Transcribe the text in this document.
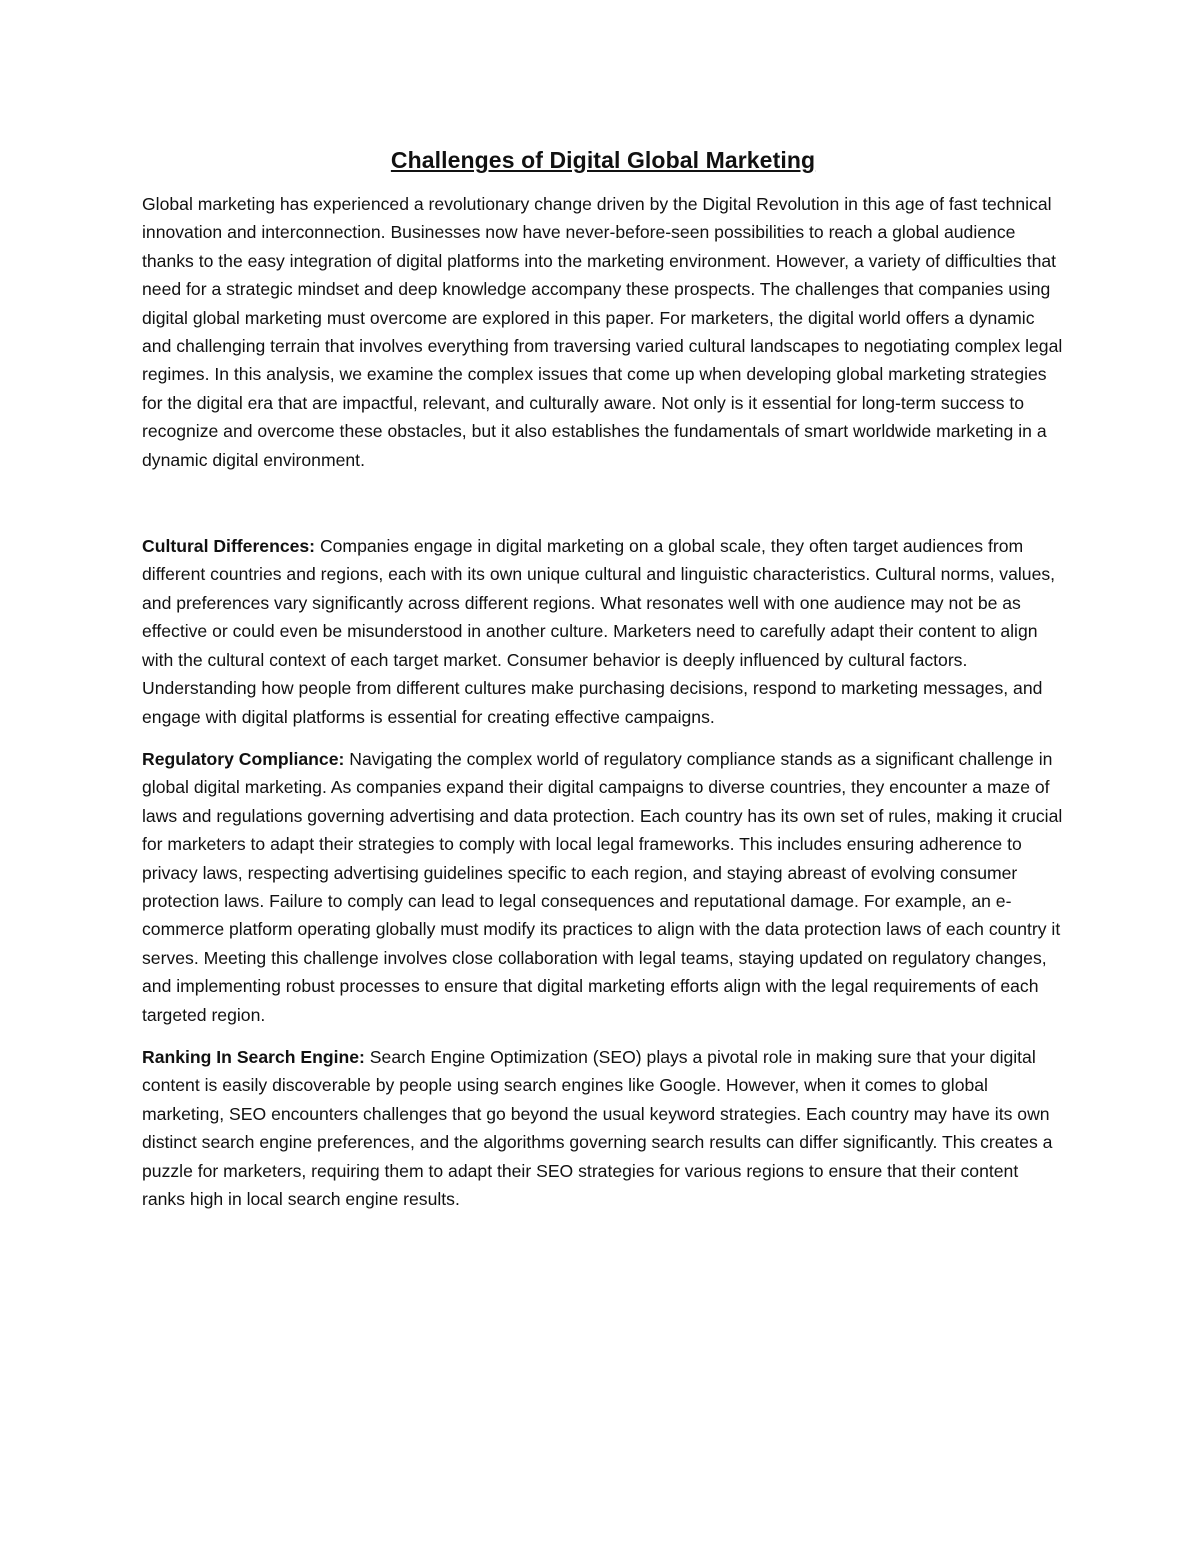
Challenges of Digital Global Marketing

Global marketing has experienced a revolutionary change driven by the Digital Revolution in this age of fast technical innovation and interconnection. Businesses now have never-before-seen possibilities to reach a global audience thanks to the easy integration of digital platforms into the marketing environment. However, a variety of difficulties that need for a strategic mindset and deep knowledge accompany these prospects. The challenges that companies using digital global marketing must overcome are explored in this paper. For marketers, the digital world offers a dynamic and challenging terrain that involves everything from traversing varied cultural landscapes to negotiating complex legal regimes. In this analysis, we examine the complex issues that come up when developing global marketing strategies for the digital era that are impactful, relevant, and culturally aware. Not only is it essential for long-term success to recognize and overcome these obstacles, but it also establishes the fundamentals of smart worldwide marketing in a dynamic digital environment.

Cultural Differences: Companies engage in digital marketing on a global scale, they often target audiences from different countries and regions, each with its own unique cultural and linguistic characteristics. Cultural norms, values, and preferences vary significantly across different regions. What resonates well with one audience may not be as effective or could even be misunderstood in another culture. Marketers need to carefully adapt their content to align with the cultural context of each target market. Consumer behavior is deeply influenced by cultural factors. Understanding how people from different cultures make purchasing decisions, respond to marketing messages, and engage with digital platforms is essential for creating effective campaigns.

Regulatory Compliance: Navigating the complex world of regulatory compliance stands as a significant challenge in global digital marketing. As companies expand their digital campaigns to diverse countries, they encounter a maze of laws and regulations governing advertising and data protection. Each country has its own set of rules, making it crucial for marketers to adapt their strategies to comply with local legal frameworks. This includes ensuring adherence to privacy laws, respecting advertising guidelines specific to each region, and staying abreast of evolving consumer protection laws. Failure to comply can lead to legal consequences and reputational damage. For example, an e-commerce platform operating globally must modify its practices to align with the data protection laws of each country it serves. Meeting this challenge involves close collaboration with legal teams, staying updated on regulatory changes, and implementing robust processes to ensure that digital marketing efforts align with the legal requirements of each targeted region.

Ranking In Search Engine: Search Engine Optimization (SEO) plays a pivotal role in making sure that your digital content is easily discoverable by people using search engines like Google. However, when it comes to global marketing, SEO encounters challenges that go beyond the usual keyword strategies. Each country may have its own distinct search engine preferences, and the algorithms governing search results can differ significantly. This creates a puzzle for marketers, requiring them to adapt their SEO strategies for various regions to ensure that their content ranks high in local search engine results.
